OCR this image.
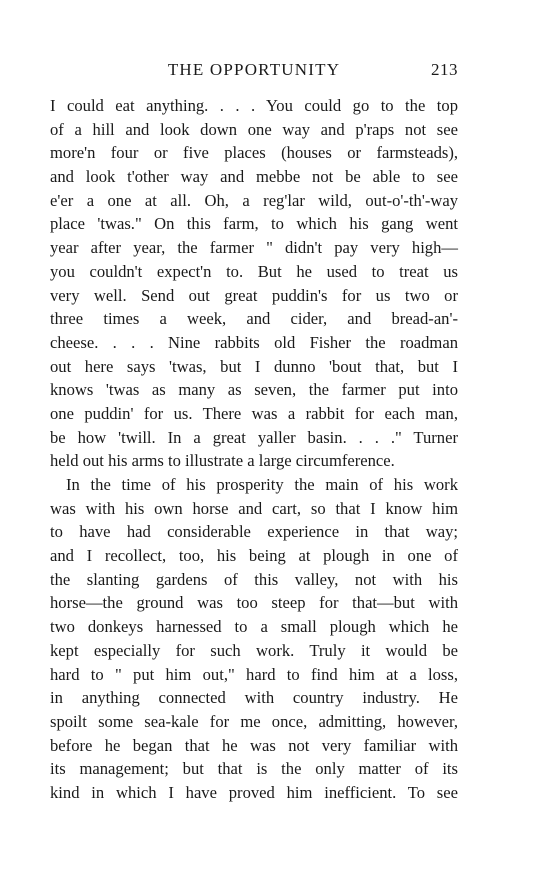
THE OPPORTUNITY	213
I could eat anything. . . . You could go to the top
of a hill and look down one way and p'raps not see
more'n four or five places (houses or farmsteads),
and look t'other way and mebbe not be able to see
e'er a one at all. Oh, a reg'lar wild, out-o'-th'-way
place 'twas." On this farm, to which his gang went
year after year, the farmer " didn't pay very high—
you couldn't expect'n to. But he used to treat us
very well. Send out great puddin's for us two or
three times a week, and cider, and bread-an'-
cheese. . . . Nine rabbits old Fisher the roadman
out here says 'twas, but I dunno 'bout that, but I
knows 'twas as many as seven, the farmer put into
one puddin' for us. There was a rabbit for each man,
be how 'twill. In a great yaller basin. . . ." Turner
held out his arms to illustrate a large circumference.
In the time of his prosperity the main of his work
was with his own horse and cart, so that I know him
to have had considerable experience in that way;
and I recollect, too, his being at plough in one of
the slanting gardens of this valley, not with his
horse—the ground was too steep for that—but with
two donkeys harnessed to a small plough which he
kept especially for such work. Truly it would be
hard to " put him out," hard to find him at a loss,
in anything connected with country industry. He
spoilt some sea-kale for me once, admitting, however,
before he began that he was not very familiar with
its management; but that is the only matter of its
kind in which I have proved him inefficient. To see
